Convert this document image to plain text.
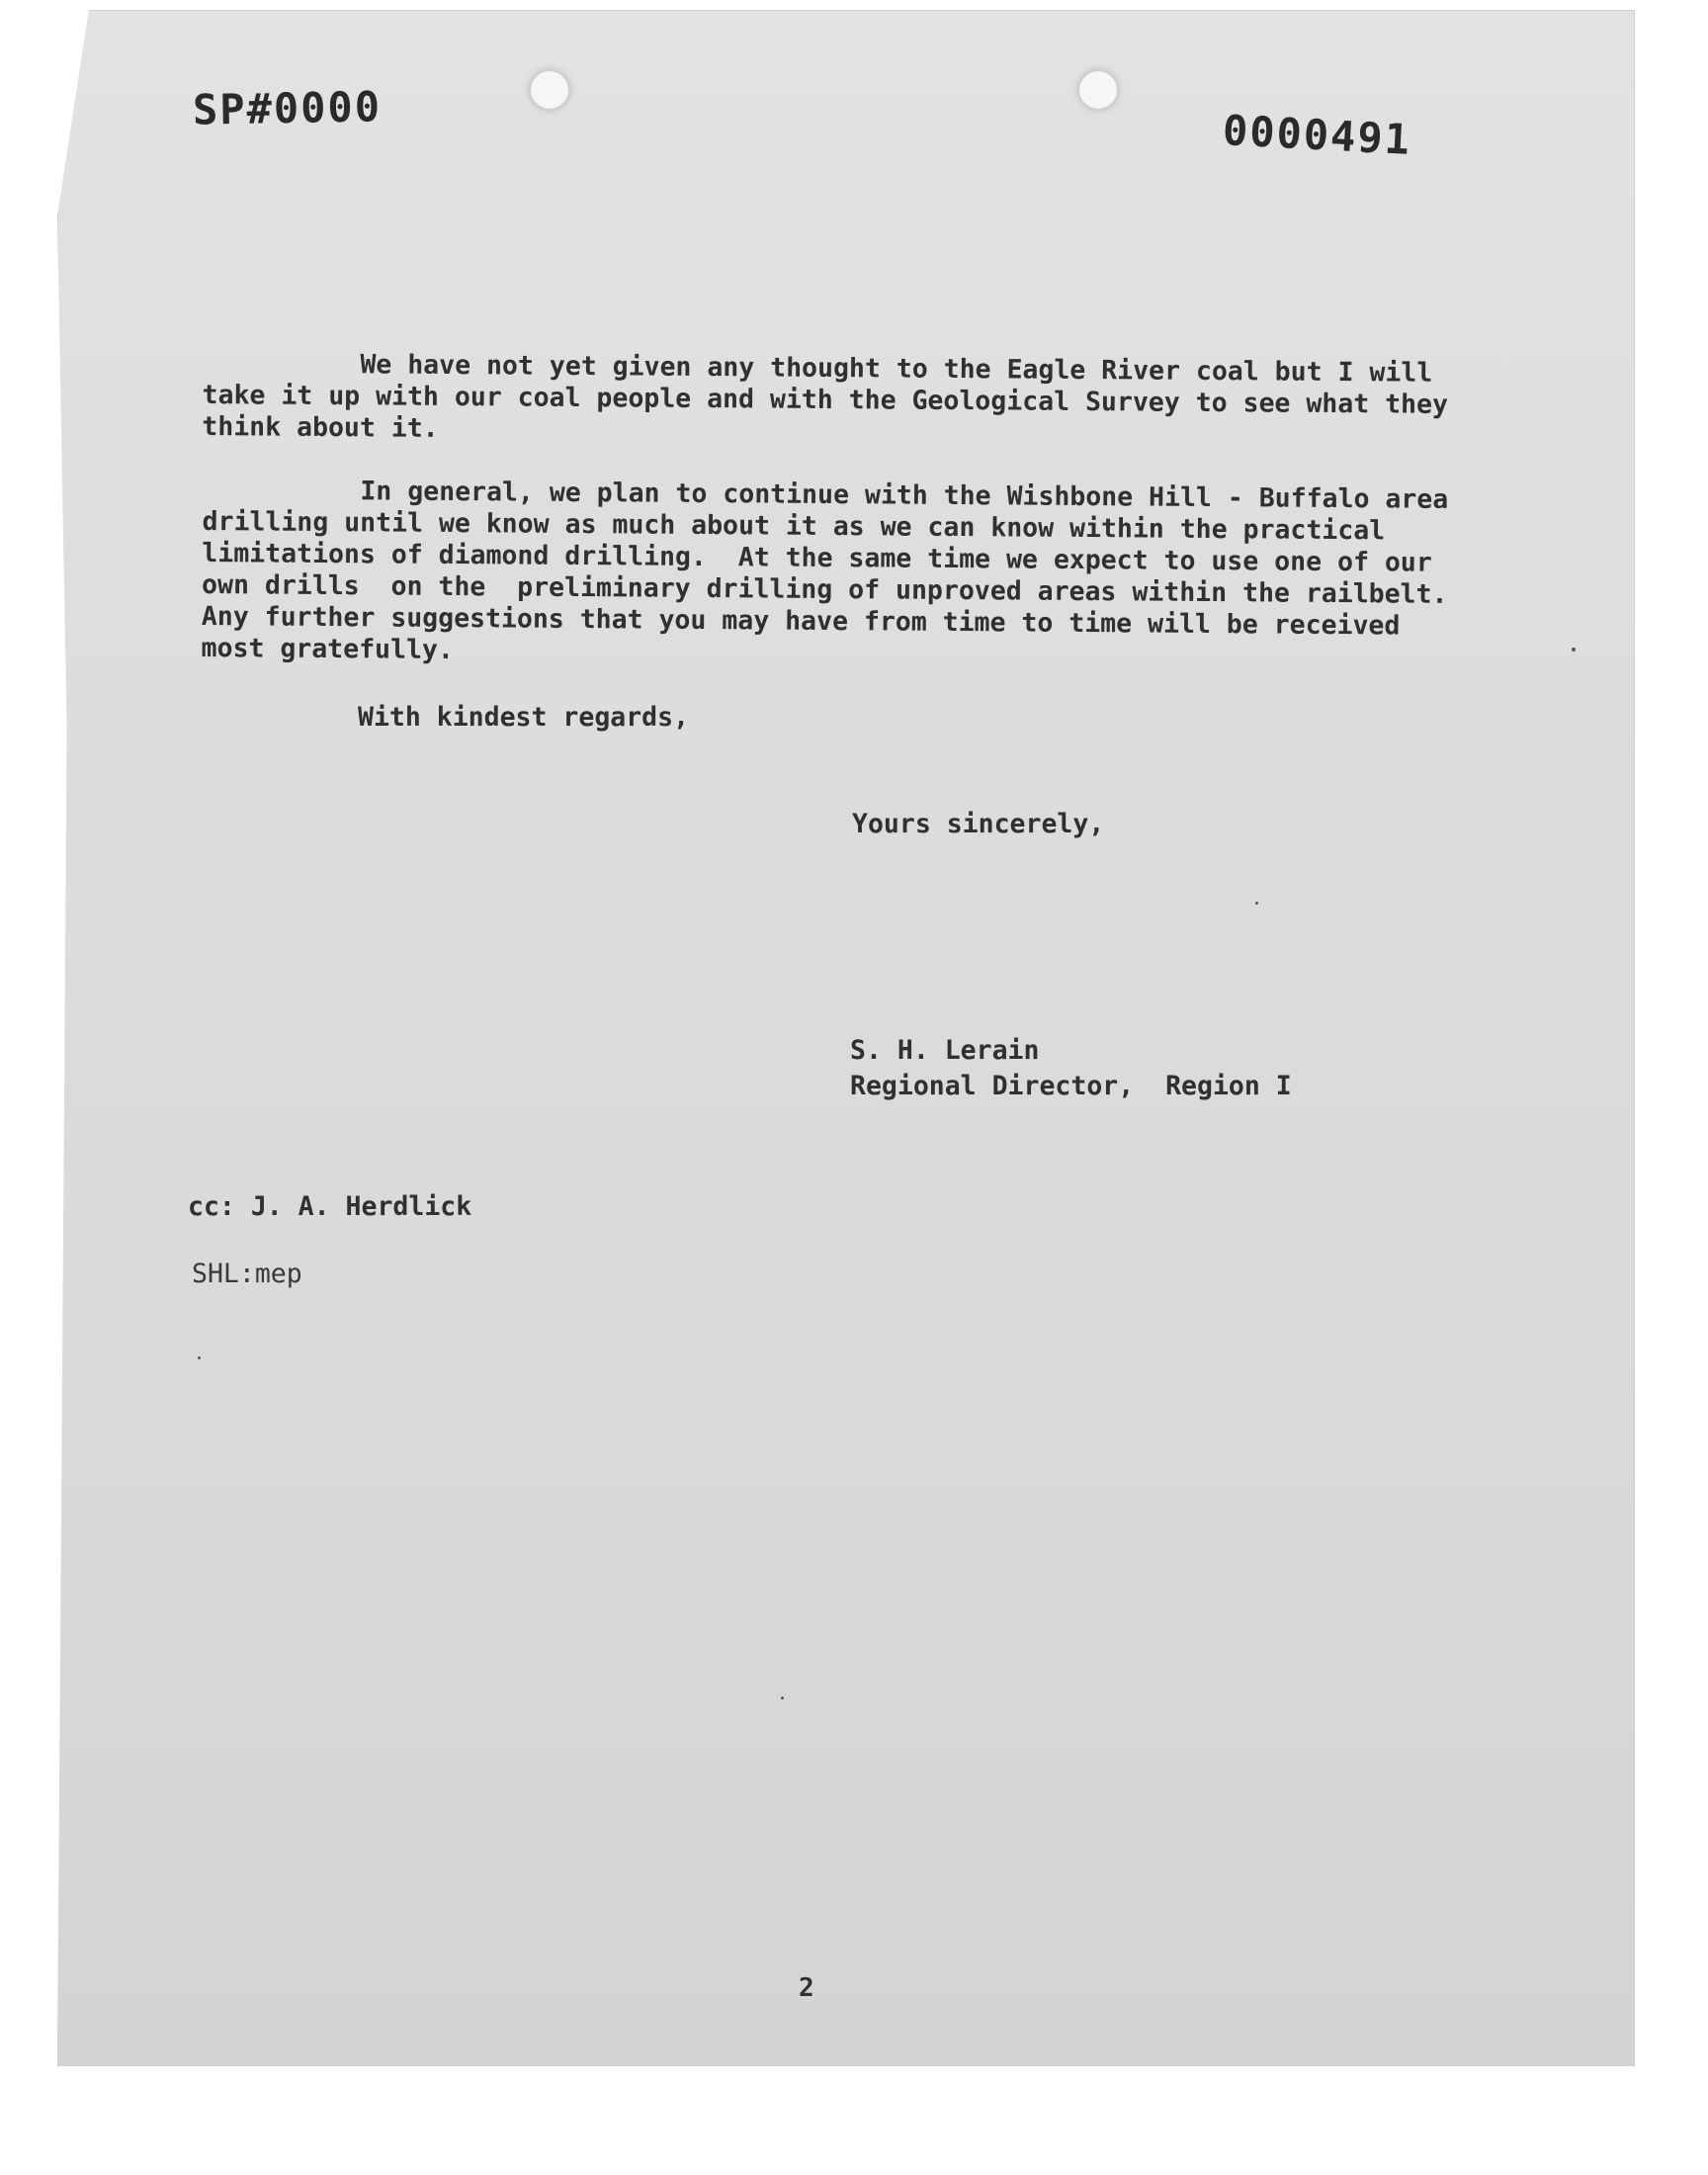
SP#0000	0000491
We have not yet given any thought to the Eagle River coal but I will
take it up with our coal people and with the Geological Survey to see what they
think about it.
In general, we plan to continue with the Wishbone Hill - Buffalo area
drilling until we know as much about it as we can know within the practical
limitations of diamond drilling.  At the same time we expect to use one of our
own drills  on the  preliminary drilling of unproved areas within the railbelt.
Any further suggestions that you may have from time to time will be received
most gratefully.
With kindest regards,
Yours sincerely,
S. H. Lerain
Regional Director,  Region I
cc: J. A. Herdlick
SHL:mep
2
